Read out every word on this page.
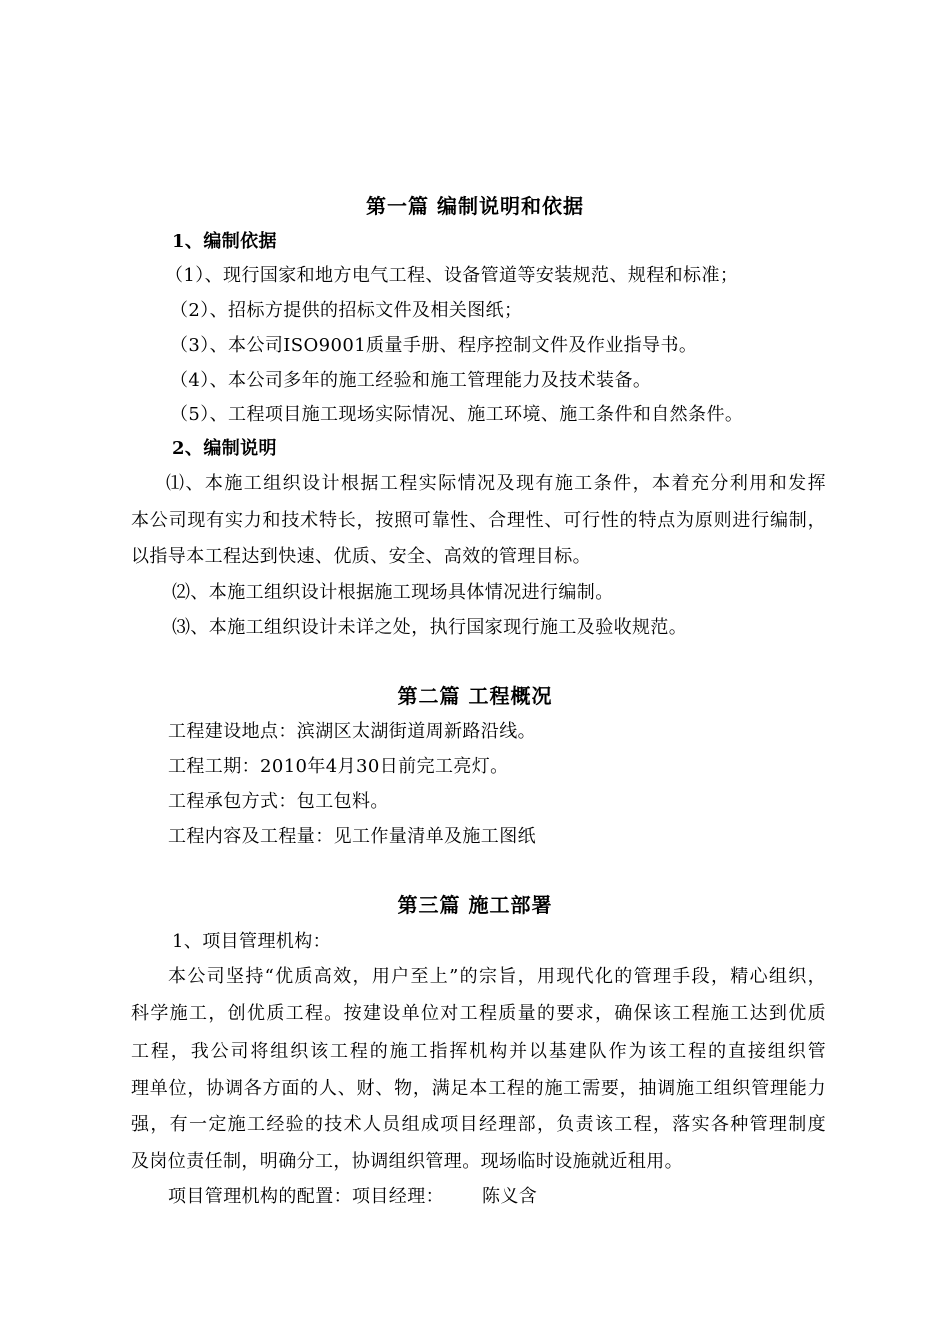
第一篇 编制说明和依据
1、编制依据
（1）、现行国家和地方电气工程、设备管道等安装规范、规程和标准；
（2）、招标方提供的招标文件及相关图纸；
（3）、本公司ISO9001质量手册、程序控制文件及作业指导书。
（4）、本公司多年的施工经验和施工管理能力及技术装备。
（5）、工程项目施工现场实际情况、施工环境、施工条件和自然条件。
2、编制说明
⑴、本施工组织设计根据工程实际情况及现有施工条件，本着充分利用和发挥
本公司现有实力和技术特长，按照可靠性、合理性、可行性的特点为原则进行编制，
以指导本工程达到快速、优质、安全、高效的管理目标。
⑵、本施工组织设计根据施工现场具体情况进行编制。
⑶、本施工组织设计未详之处，执行国家现行施工及验收规范。
第二篇 工程概况
工程建设地点：滨湖区太湖街道周新路沿线。
工程工期：2010年4月30日前完工亮灯。
工程承包方式：包工包料。
工程内容及工程量：见工作量清单及施工图纸
第三篇 施工部署
1、项目管理机构：
本公司坚持“优质高效，用户至上”的宗旨，用现代化的管理手段，精心组织，
科学施工，创优质工程。按建设单位对工程质量的要求，确保该工程施工达到优质
工程，我公司将组织该工程的施工指挥机构并以基建队作为该工程的直接组织管
理单位，协调各方面的人、财、物，满足本工程的施工需要，抽调施工组织管理能力
强，有一定施工经验的技术人员组成项目经理部，负责该工程，落实各种管理制度
及岗位责任制，明确分工，协调组织管理。现场临时设施就近租用。
项目管理机构的配置：项目经理： 陈义含
